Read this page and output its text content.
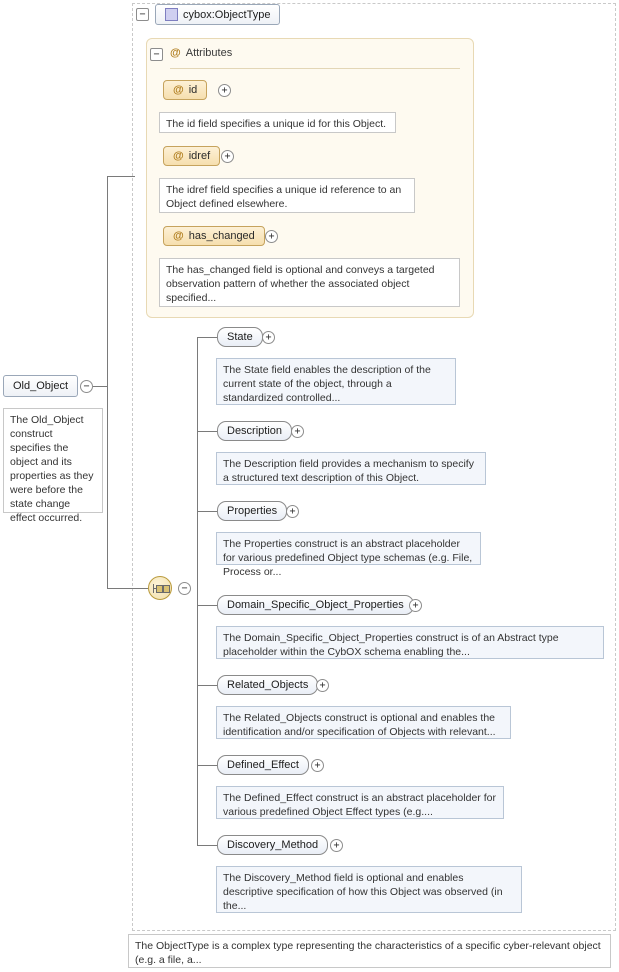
−	cybox:ObjectType
− @ Attributes
@ id	+
The id field specifies a unique id for this Object.
@ idref	+
The idref field specifies a unique id reference to an Object defined elsewhere.
@ has_changed	+
The has_changed field is optional and conveys a targeted observation pattern of whether the associated object specified...
Old_Object	−
The Old_Object construct specifies the object and its properties as they were before the state change effect occurred.
−
State	+
The State field enables the description of the current state of the object, through a standardized controlled...
Description	+
The Description field provides a mechanism to specify a structured text description of this Object.
Properties	+
The Properties construct is an abstract placeholder for various predefined Object type schemas (e.g. File, Process or...
Domain_Specific_Object_Properties +
The Domain_Specific_Object_Properties construct is of an Abstract type placeholder within the CybOX schema enabling the...
Related_Objects	+
The Related_Objects construct is optional and enables the identification and/or specification of Objects with relevant...
Defined_Effect	+
The Defined_Effect construct is an abstract placeholder for various predefined Object Effect types (e.g....
Discovery_Method	+
The Discovery_Method field is optional and enables descriptive specification of how this Object was observed (in the...
The ObjectType is a complex type representing the characteristics of a specific cyber-relevant object (e.g. a file, a...
